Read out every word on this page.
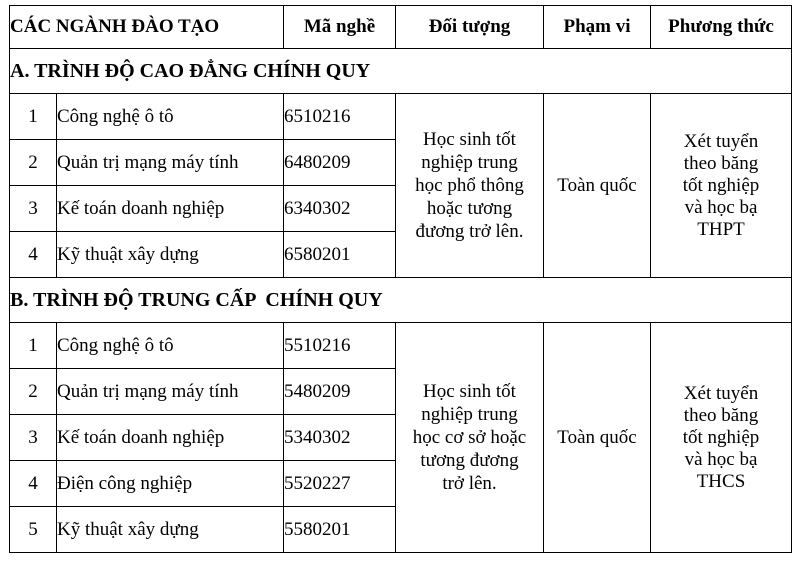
CÁC NGÀNH ĐÀO TẠO		Mã nghề	Đối tượng	Phạm vi	Phương thức
A. TRÌNH ĐỘ CAO ĐẲNG CHÍNH QUY					
1	Công nghệ ô tô	6510216	Học sinh tốt
nghiệp trung
học phổ thông
hoặc tương
đương trở lên.	Toàn quốc	Xét tuyển
theo băng
tốt nghiệp
và học bạ
THPT

2	Quản trị mạng máy tính	6480209			
3	Kế toán doanh nghiệp	6340302			
4	Kỹ thuật xây dựng	6580201			
B. TRÌNH ĐỘ TRUNG CẤP  CHÍNH QUY					
1	Công nghệ ô tô	5510216	Học sinh tốt
nghiệp trung
học cơ sở hoặc
tương đương
trở lên.	Toàn quốc	Xét tuyển
theo băng
tốt nghiệp
và học bạ
THCS

2	Quản trị mạng máy tính	5480209			
3	Kế toán doanh nghiệp	5340302			
4	Điện công nghiệp	5520227			
5	Kỹ thuật xây dựng	5580201			
